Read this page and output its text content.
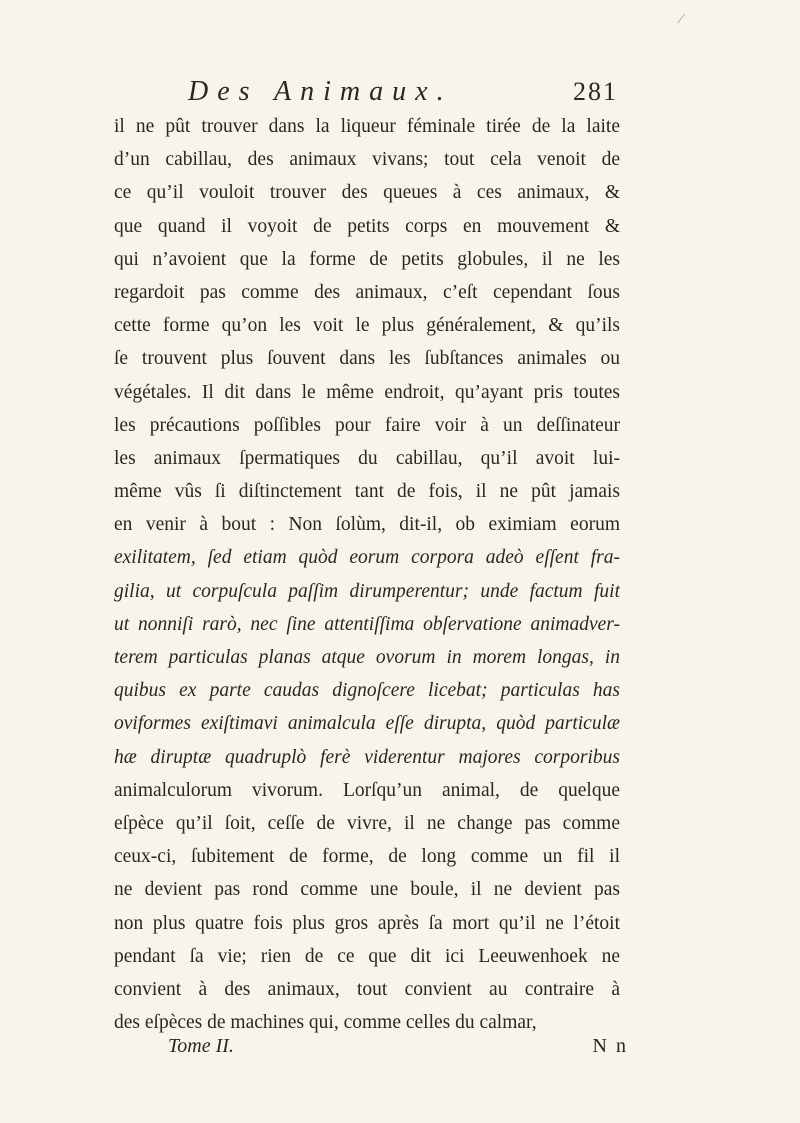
⁄
Des Animaux.	281
il ne pût trouver dans la liqueur féminale tirée de la laite
d’un cabillau, des animaux vivans; tout cela venoit de
ce qu’il vouloit trouver des queues à ces animaux, &
que quand il voyoit de petits corps en mouvement &
qui n’avoient que la forme de petits globules, il ne les
regardoit pas comme des animaux, c’eſt cependant ſous
cette forme qu’on les voit le plus généralement, & qu’ils
ſe trouvent plus ſouvent dans les ſubſtances animales ou
végétales. Il dit dans le même endroit, qu’ayant pris toutes
les précautions poſſibles pour faire voir à un deſſinateur
les animaux ſpermatiques du cabillau, qu’il avoit lui-
même vûs ſi diſtinctement tant de fois, il ne pût jamais
en venir à bout : Non ſolùm, dit-il, ob eximiam eorum
exilitatem, ſed etiam quòd eorum corpora adeò eſſent fra-
gilia, ut corpuſcula paſſim dirumperentur; unde factum fuit
ut nonniſi rarò, nec ſine attentiſſima obſervatione animadver-
terem particulas planas atque ovorum in morem longas, in
quibus ex parte caudas dignoſcere licebat; particulas has
oviformes exiſtimavi animalcula eſſe dirupta, quòd particulæ
hæ diruptæ quadruplò ferè viderentur majores corporibus
animalculorum vivorum. Lorſqu’un animal, de quelque
eſpèce qu’il ſoit, ceſſe de vivre, il ne change pas comme
ceux-ci, ſubitement de forme, de long comme un fil il
ne devient pas rond comme une boule, il ne devient pas
non plus quatre fois plus gros après ſa mort qu’il ne l’étoit
pendant ſa vie; rien de ce que dit ici Leeuwenhoek ne
convient à des animaux, tout convient au contraire à
des eſpèces de machines qui, comme celles du calmar,
Tome II.	N n
